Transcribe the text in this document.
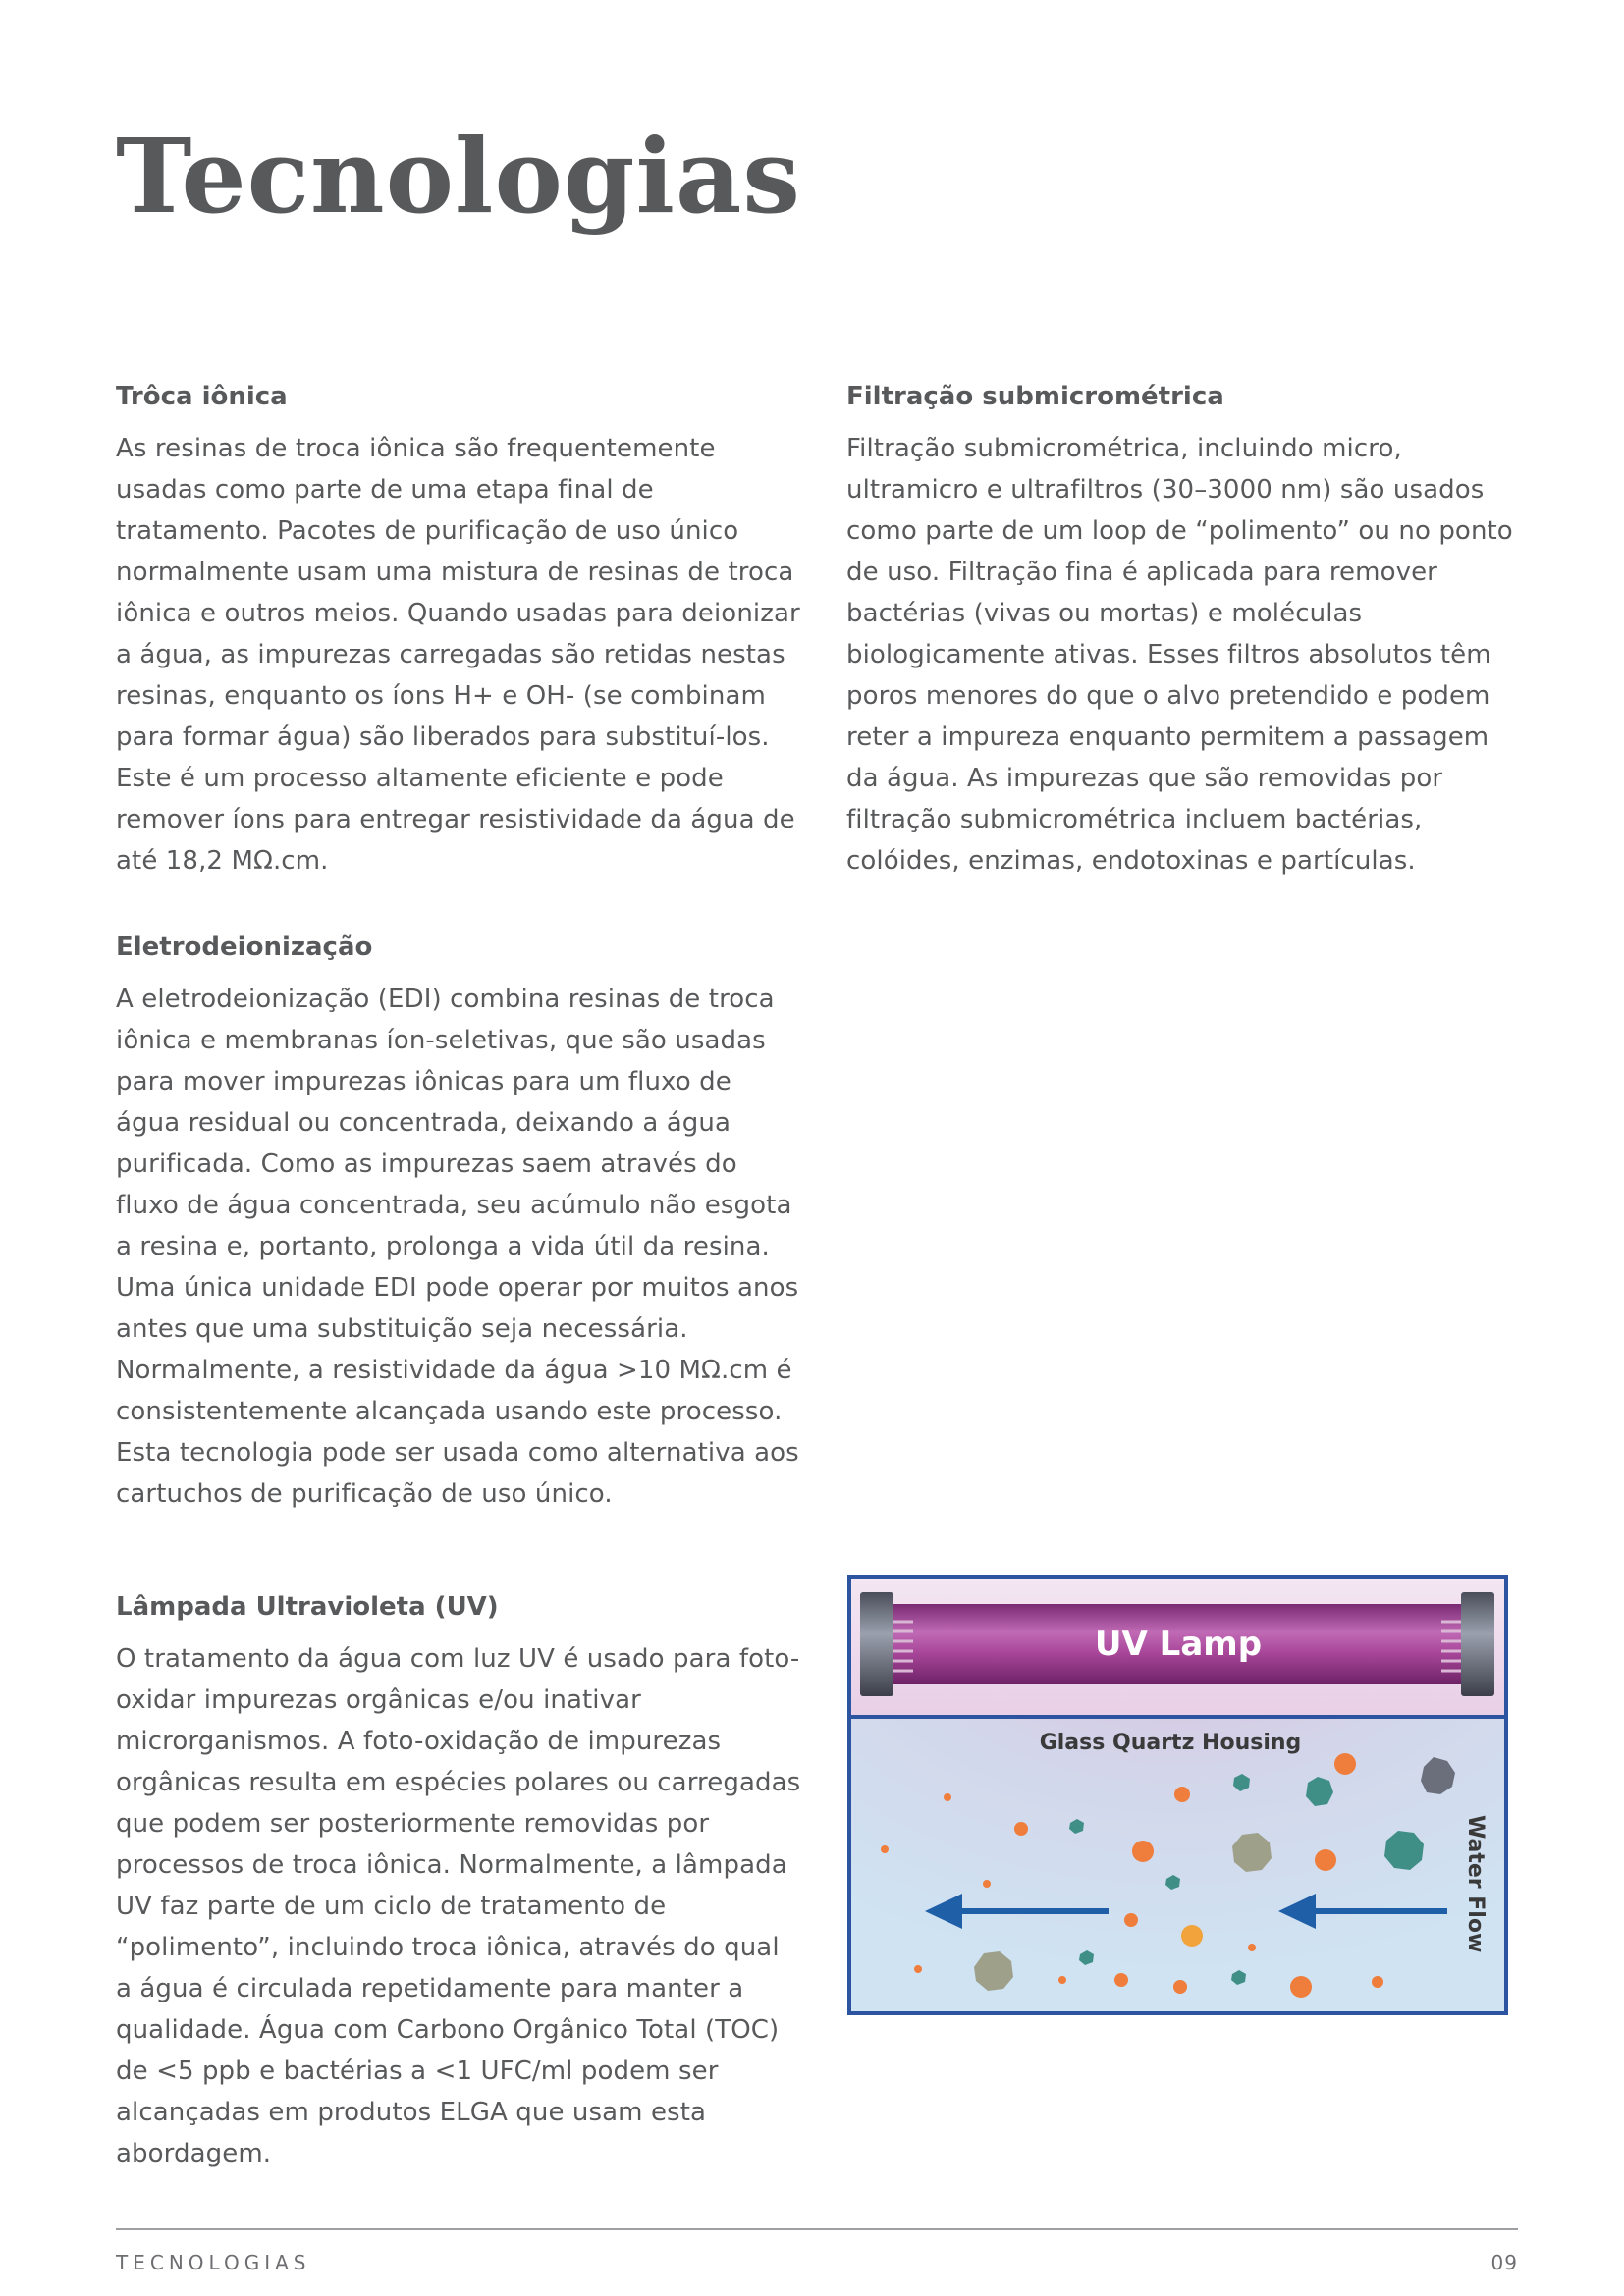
Tecnologias
Trôca iônica

As resinas de troca iônica são frequentemente usadas como parte de uma etapa final de tratamento. Pacotes de purificação de uso único normalmente usam uma mistura de resinas de troca iônica e outros meios. Quando usadas para deionizar a água, as impurezas carregadas são retidas nestas resinas, enquanto os íons H+ e OH- (se combinam para formar água) são liberados para substituí-los. Este é um processo altamente eficiente e pode remover íons para entregar resistividade da água de até 18,2 MΩ.cm.

Filtração submicrométrica

Filtração submicrométrica, incluindo micro, ultramicro e ultrafiltros (30–3000 nm) são usados como parte de um loop de “polimento” ou no ponto de uso. Filtração fina é aplicada para remover bactérias (vivas ou mortas) e moléculas biologicamente ativas. Esses filtros absolutos têm poros menores do que o alvo pretendido e podem reter a impureza enquanto permitem a passagem da água. As impurezas que são removidas por filtração submicrométrica incluem bactérias, colóides, enzimas, endotoxinas e partículas.

Eletrodeionização

A eletrodeionização (EDI) combina resinas de troca iônica e membranas íon-seletivas, que são usadas para mover impurezas iônicas para um fluxo de água residual ou concentrada, deixando a água purificada. Como as impurezas saem através do fluxo de água concentrada, seu acúmulo não esgota a resina e, portanto, prolonga a vida útil da resina. Uma única unidade EDI pode operar por muitos anos antes que uma substituição seja necessária. Normalmente, a resistividade da água >10 MΩ.cm é consistentemente alcançada usando este processo. Esta tecnologia pode ser usada como alternativa aos cartuchos de purificação de uso único.

Lâmpada Ultravioleta (UV)

O tratamento da água com luz UV é usado para foto-oxidar impurezas orgânicas e/ou inativar microrganismos. A foto-oxidação de impurezas orgânicas resulta em espécies polares ou carregadas que podem ser posteriormente removidas por processos de troca iônica. Normalmente, a lâmpada UV faz parte de um ciclo de tratamento de “polimento”, incluindo troca iônica, através do qual a água é circulada repetidamente para manter a qualidade. Água com Carbono Orgânico Total (TOC) de <5 ppb e bactérias a <1 UFC/ml podem ser alcançadas em produtos ELGA que usam esta abordagem.

UV Lamp
Glass Quartz Housing
Water Flow
TECNOLOGIAS	09
